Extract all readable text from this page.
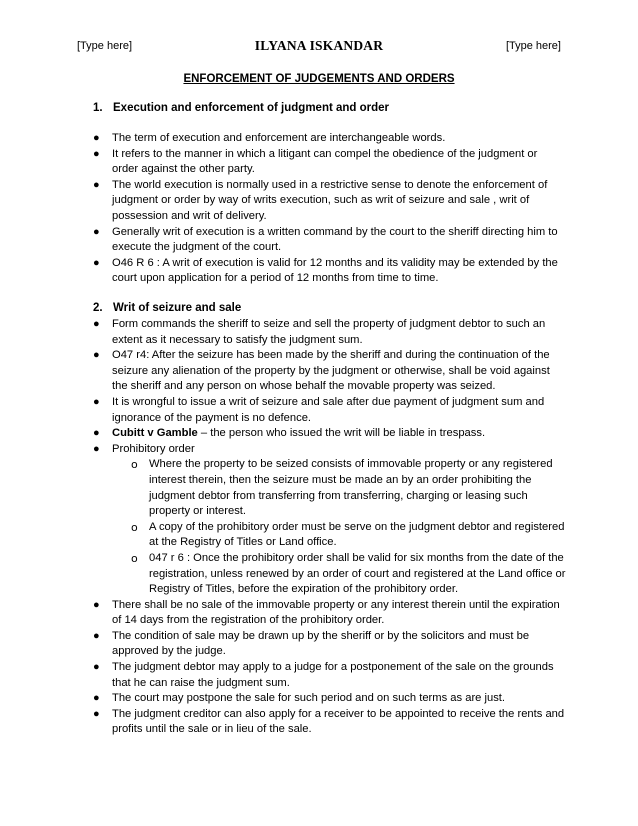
[Type here]	ILYANA ISKANDAR	[Type here]
ENFORCEMENT OF JUDGEMENTS AND ORDERS
1. Execution and enforcement of judgment and order
● The term of execution and enforcement are interchangeable words.
● It refers to the manner in which a litigant can compel the obedience of the judgment or order against the other party.
● The world execution is normally used in a restrictive sense to denote the enforcement of judgment or order by way of writs execution, such as writ of seizure and sale , writ of possession and writ of delivery.
● Generally writ of execution is a written command by the court to the sheriff directing him to execute the judgment of the court.
● O46 R 6 : A writ of execution is valid for 12 months and its validity may be extended by the court upon application for a period of 12 months from time to time.
2. Writ of seizure and sale
● Form commands the sheriff to seize and sell the property of judgment debtor to such an extent as it necessary to satisfy the judgment sum.
● O47 r4: After the seizure has been made by the sheriff and during the continuation of the seizure any alienation of the property by the judgment or otherwise, shall be void against the sheriff and any person on whose behalf the movable property was seized.
● It is wrongful to issue a writ of seizure and sale after due payment of judgment sum and ignorance of the payment is no defence.
● Cubitt v Gamble – the person who issued the writ will be liable in trespass.
● Prohibitory order
o Where the property to be seized consists of immovable property or any registered interest therein, then the seizure must be made an by an order prohibiting the judgment debtor from transferring from transferring, charging or leasing such property or interest.
o A copy of the prohibitory order must be serve on the judgment debtor and registered at the Registry of Titles or Land office.
o 047 r 6 : Once the prohibitory order shall be valid for six months from the date of the registration, unless renewed by an order of court and registered at the Land office or Registry of Titles, before the expiration of the prohibitory order.
● There shall be no sale of the immovable property or any interest therein until the expiration of 14 days from the registration of the prohibitory order.
● The condition of sale may be drawn up by the sheriff or by the solicitors and must be approved by the judge.
● The judgment debtor may apply to a judge for a postponement of the sale on the grounds that he can raise the judgment sum.
● The court may postpone the sale for such period and on such terms as are just.
● The judgment creditor can also apply for a receiver to be appointed to receive the rents and profits until the sale or in lieu of the sale.
